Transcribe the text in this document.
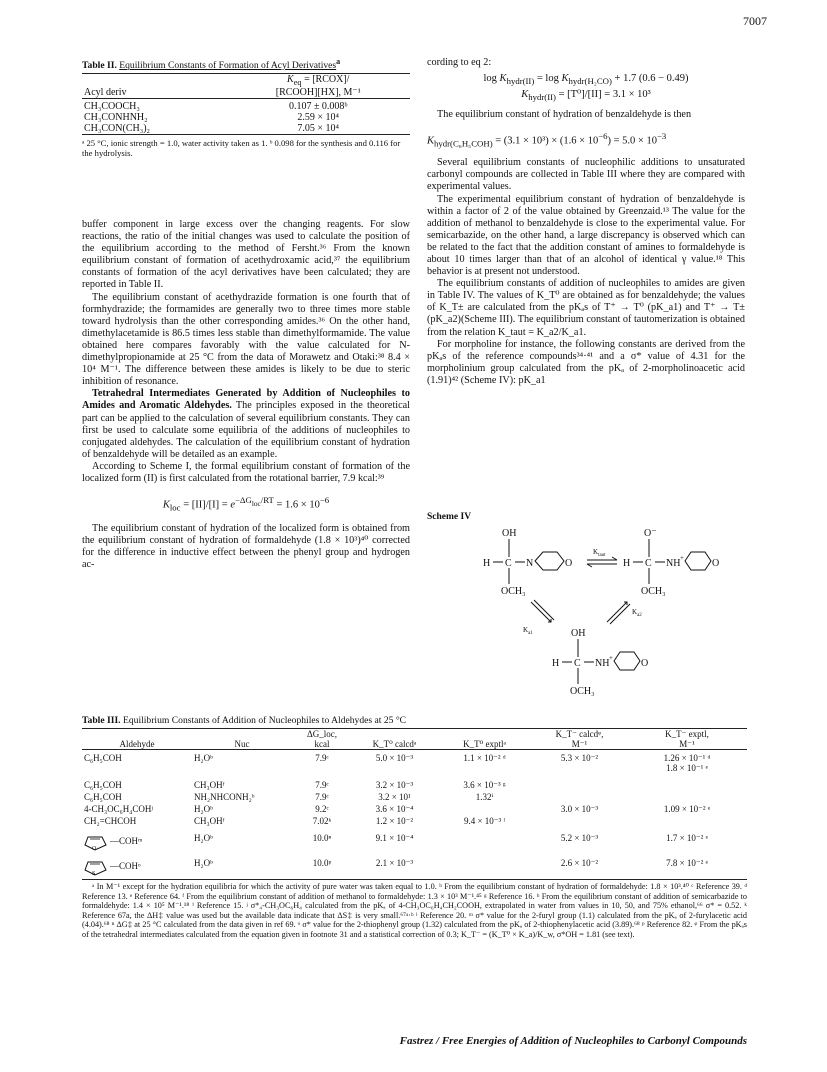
7007
Table II. Equilibrium Constants of Formation of Acyl Derivatives$^a$
Acyl deriv	$K_{eq}$ = [RCOX]/
[RCOOH][HX], M⁻¹

CH₃COOCH₃	0.107 ± 0.008ᵇ
CH₃CONHNH₂	2.59 × 10⁴
CH₃CON(CH₃)₂	7.05 × 10⁴
ᵃ 25 °C, ionic strength = 1.0, water activity taken as 1. ᵇ 0.098 for the synthesis and 0.116 for the hydrolysis.

buffer component in large excess over the changing reagents. For slow reactions, the ratio of the initial changes was used to calculate the position of the equilibrium according to the method of Fersht.³⁶ From the known equilibrium constant of formation of acethydroxamic acid,³⁷ the equilibrium constants of formation of the acyl derivatives have been calculated; they are reported in Table II.

The equilibrium constant of acethydrazide formation is one fourth that of formhydrazide; the formamides are generally two to three times more stable toward hydrolysis than the other corresponding amides.³⁶ On the other hand, dimethylacetamide is 86.5 times less stable than dimethylformamide. The value obtained here compares favorably with the value calculated for N-dimethylpropionamide at 25 °C from the data of Morawetz and Otaki:³⁸ 8.4 × 10⁴ M⁻¹. The difference between these amides is likely to be due to steric inhibition of resonance.

Tetrahedral Intermediates Generated by Addition of Nucleophiles to Amides and Aromatic Aldehydes. The principles exposed in the theoretical part can be applied to the calculation of several equilibrium constants. They can first be used to calculate some equilibria of the additions of nucleophiles to conjugated aldehydes. The calculation of the equilibrium constant of hydration of benzaldehyde will be detailed as an example.

According to Scheme I, the formal equilibrium constant of formation of the localized form (II) is first calculated from the rotational barrier, 7.9 kcal:³⁹

$K_{loc} = [II]/[I] = e^{-\Delta G_{loc}/RT} = 1.6 \times 10^{-6}$

The equilibrium constant of hydration of the localized form is obtained from the equilibrium constant of hydration of formaldehyde (1.8 × 10³)⁴⁰ corrected for the difference in inductive effect between the phenyl group and hydrogen ac-

cording to eq 2:

$\log K_{hydr(II)} = \log K_{hydr(H_2CO)} + 1.7$ (0.6 − 0.49)
$K_{hydr(II)} = [T^0]/[II] = 3.1 \times 10^3$

The equilibrium constant of hydration of benzaldehyde is then

$K_{hydr(C_6H_5COH)} = (3.1 \times 10^3) \times (1.6 \times 10^{-6}) = 5.0 \times 10^{-3}$

Several equilibrium constants of nucleophilic additions to unsaturated carbonyl compounds are collected in Table III where they are compared with experimental values.

The experimental equilibrium constant of hydration of benzaldehyde is within a factor of 2 of the value obtained by Greenzaid.¹³ The value for the addition of methanol to benzaldehyde is close to the experimental value. For semicarbazide, on the other hand, a large discrepancy is observed which can be related to the fact that the addition constant of amines to formaldehyde is about 10 times larger than that of an alcohol of identical γ value.¹⁸ This behavior is at present not understood.

The equilibrium constants of addition of nucleophiles to amides are given in Table IV. The values of K_T⁰ are obtained as for benzaldehyde; the values of K_T± are calculated from the pKₐs of T⁺ → T⁰ (pK_a1) and T⁺ → T± (pK_a2)(Scheme III). The equilibrium constant of tautomerization is obtained from the relation K_taut = K_a2/K_a1.

For morpholine for instance, the following constants are derived from the pKₐs of the reference compounds³⁴·⁴¹ and a σ* value of 4.31 for the morpholinium group calculated from the pKₐ of 2-morpholinoacetic acid (1.91)⁴² (Scheme IV): pK_a1

Scheme IV
OH
H C N	O
OCH₃
$K_{taut}$
O⁻
H C NH +	O
OCH₃
$K_{a1}$
$K_{a2}$
OH
H C NH +	O
OCH₃
Table III. Equilibrium Constants of Addition of Nucleophiles to Aldehydes at 25 °C
Aldehyde	Nuc	ΔG_loc,
kcal	K_T⁰ calcdᵃ	K_T⁰ exptlᵃ	K_T⁻ calcdᵠ,
M⁻¹	K_T⁻ exptl,
M⁻¹

C₆H₅COH	H₂Oᵇ	7.9ᶜ	5.0 × 10⁻³	1.1 × 10⁻² ᵈ	5.3 × 10⁻²	1.26 × 10⁻¹ ᵈ
1.8 × 10⁻¹ ᵉ

C₆H₅COH	CH₃OHᶠ	7.9ᶜ	3.2 × 10⁻³	3.6 × 10⁻³ ᵍ		
C₆H₅COH	NH₂NHCONH₂ʰ	7.9ᶜ	3.2 × 10¹	1.32ⁱ		
4-CH₃OC₆H₄COHʲ	H₂Oᵇ	9.2ᶜ	3.6 × 10⁻⁴		3.0 × 10⁻³	1.09 × 10⁻² ᵉ
CH₂=CHCOH	CH₃OHᶠ	7.02ᵏ	1.2 × 10⁻²	9.4 × 10⁻³ ˡ		

O
—COHᵐ	H₂Oᵇ	10.0ⁿ	9.1 × 10⁻⁴		5.2 × 10⁻³	1.7 × 10⁻² ᵉ

S
—COHᵒ	H₂Oᵇ	10.0ᵖ	2.1 × 10⁻³		2.6 × 10⁻²	7.8 × 10⁻² ᵉ
ᵃ In M⁻¹ except for the hydration equilibria for which the activity of pure water was taken equal to 1.0. ᵇ From the equilibrium constant of hydration of formaldehyde: 1.8 × 10³.⁴⁰ ᶜ Reference 39. ᵈ Reference 13. ᵉ Reference 64. ᶠ From the equilibrium constant of addition of methanol to formaldehyde: 1.3 × 10³ M⁻¹.⁴⁵ ᵍ Reference 16. ʰ From the equilibrium constant of addition of semicarbazide to formaldehyde: 1.4 × 10⁵ M⁻¹.¹⁸ ⁱ Reference 15. ʲ σ*₄-CH₃OC₆H₄ calculated from the pKₐ of 4-CH₃OC₆H₄CH₂COOH, extrapolated in water from values in 10, 50, and 75% ethanol,⁶⁶ σ* = 0.52. ᵏ Reference 67a, the ΔH‡ value was used but the available data indicate that ΔS‡ is very small.⁶⁷ᵃ·ᵇ ˡ Reference 20. ᵐ σ* value for the 2-furyl group (1.1) calculated from the pKₐ of 2-furylacetic acid (4.04).⁶⁸ ⁿ ΔG‡ at 25 °C calculated from the data given in ref 69. ᵒ σ* value for the 2-thiophenyl group (1.32) calculated from the pKₐ of 2-thiophenylacetic acid (3.89).⁶⁸ ᵖ Reference 82. ᵠ From the pKₐs of the tetrahedral intermediates calculated from the equation given in footnote 31 and a statistical correction of 0.3; K_T⁻ = (K_T⁰ × K_a)/K_w, σ*OH = 1.81 (see text).
Fastrez / Free Energies of Addition of Nucleophiles to Carbonyl Compounds
